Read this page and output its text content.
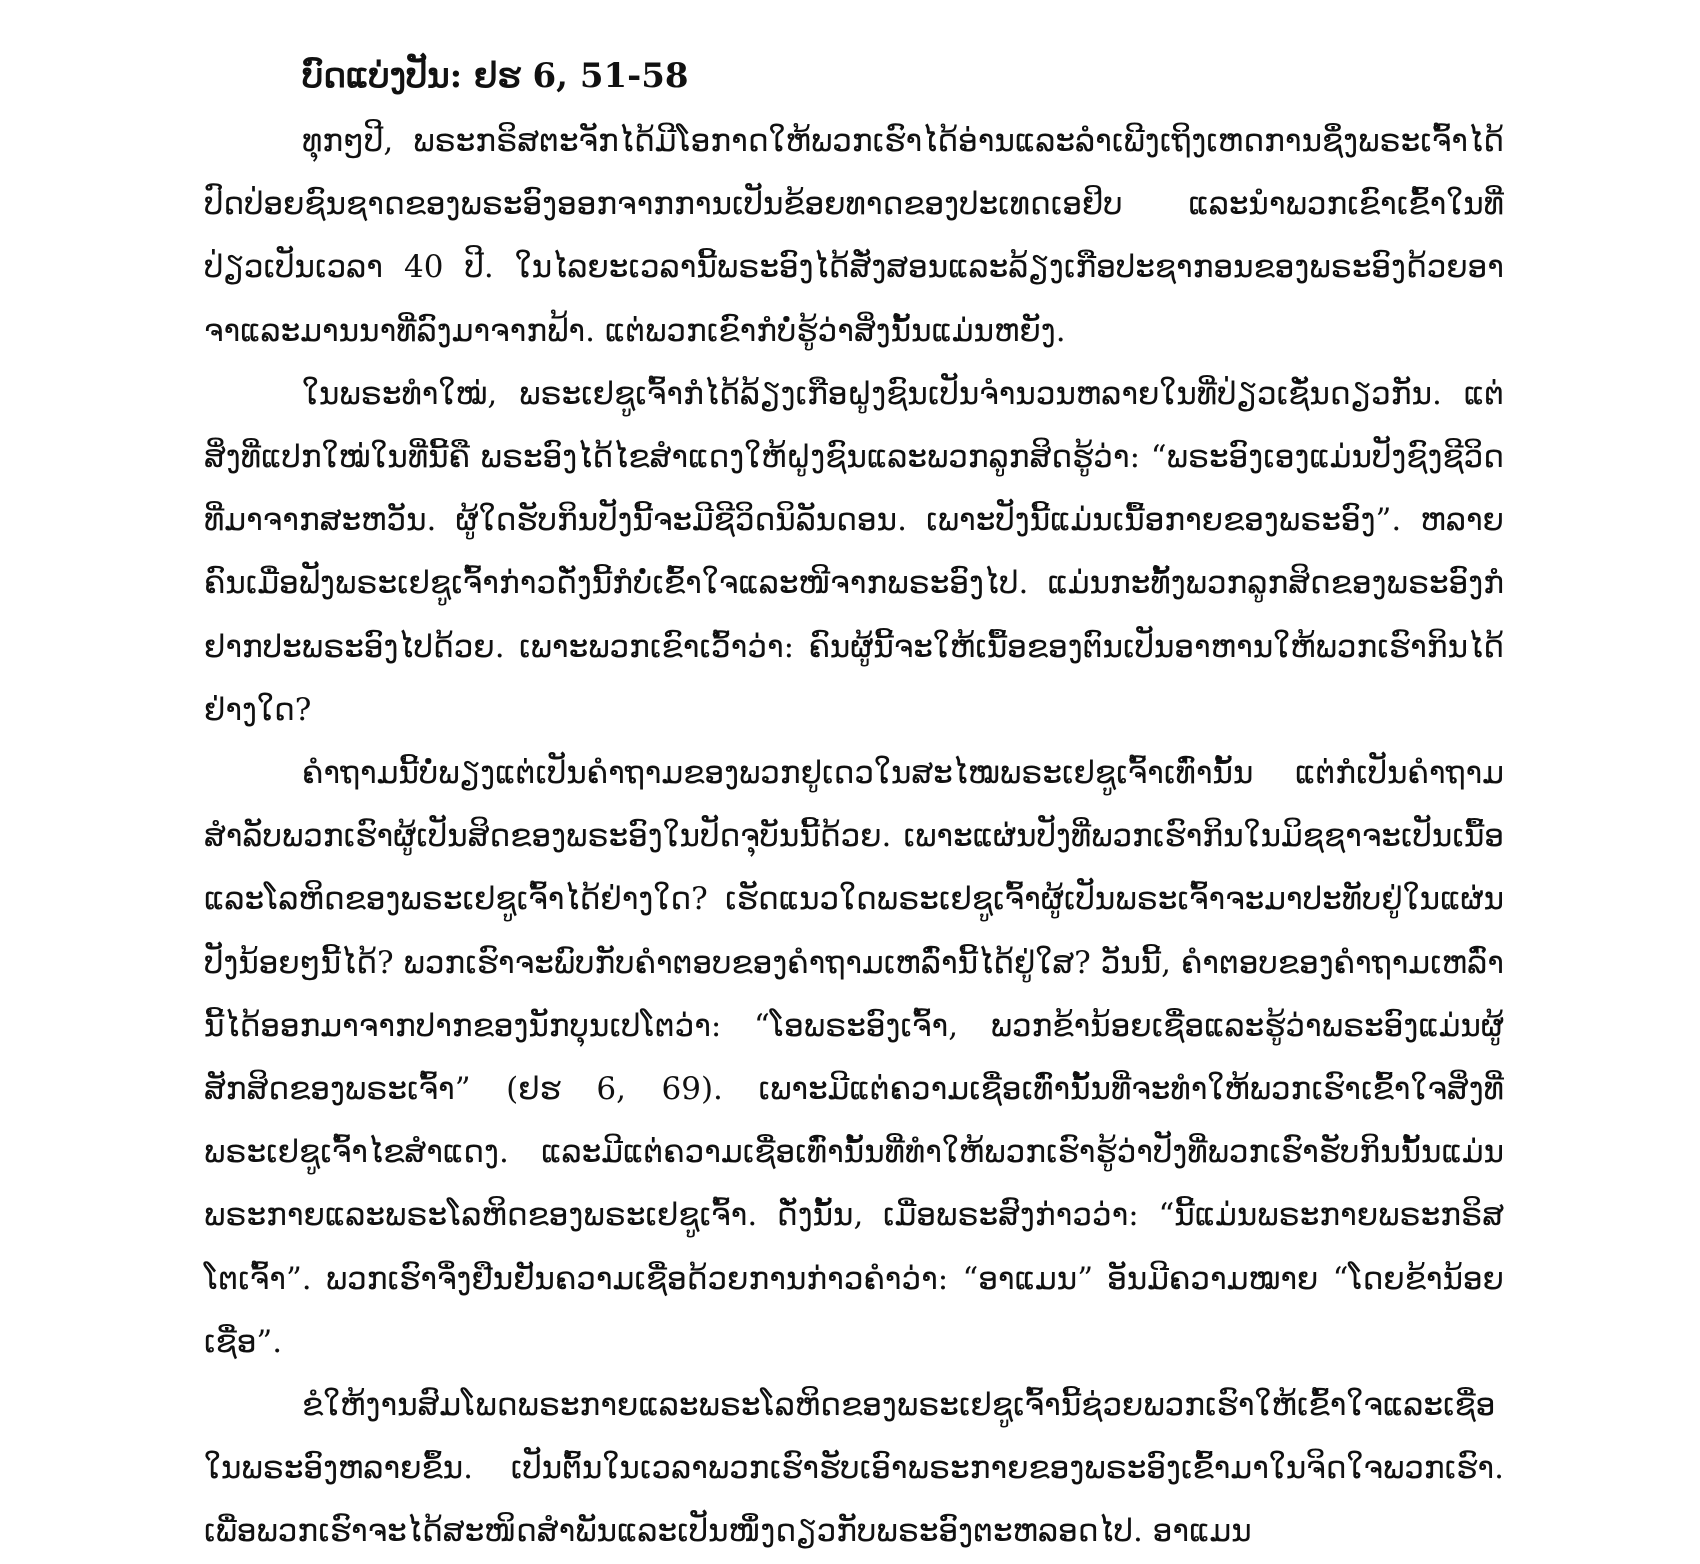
ບົດແບ່ງປັນ: ຢຮ 6, 51-58

ທຸກໆປີ, ພຣະກຣິສຕະຈັກໄດ້ມີໂອກາດໃຫ້ພວກເຮົາໄດ້ອ່ານແລະລໍາເພີງເຖິງເຫດການຊຶ່ງພຣະເຈົ້າໄດ້ປົດປ່ອຍຊົນຊາດຂອງພຣະອົງອອກຈາກການເປັນຂ້ອຍທາດຂອງປະເທດເອຢິບ ແລະນໍາພວກເຂົາເຂົ້າໃນທີ່ປ່ຽວເປັນເວລາ 40 ປີ. ໃນໄລຍະເວລານີ້ພຣະອົງໄດ້ສັ່ງສອນແລະລ້ຽງເກືອປະຊາກອນຂອງພຣະອົງດ້ວຍອາຈາແລະມານນາທີ່ລົງມາຈາກຟ້າ. ແຕ່ພວກເຂົາກໍບໍ່ຮູ້ວ່າສິ່ງນັ້ນແມ່ນຫຍັງ.

ໃນພຣະທໍາໃໝ່, ພຣະເຢຊູເຈົ້າກໍໄດ້ລ້ຽງເກືອຝູງຊົນເປັນຈໍານວນຫລາຍໃນທີ່ປ່ຽວເຊັ່ນດຽວກັນ. ແຕ່ສິ່ງທີ່ແປກໃໝ່ໃນທີ່ນີ້ຄື ພຣະອົງໄດ້ໄຂສໍາແດງໃຫ້ຝູງຊົນແລະພວກລູກສິດຮູ້ວ່າ: “ພຣະອົງເອງແມ່ນປັງຊົງຊີວິດທີ່ມາຈາກສະຫວັນ. ຜູ້ໃດຮັບກິນປັງນີ້ຈະມີຊີວິດນິລັນດອນ. ເພາະປັງນີ້ແມ່ນເນື້ອກາຍຂອງພຣະອົງ”. ຫລາຍຄົນເມື່ອຟັງພຣະເຢຊູເຈົ້າກ່າວດັ່ງນີ້ກໍບໍ່ເຂົ້າໃຈແລະໜີຈາກພຣະອົງໄປ. ແມ່ນກະທັ້ງພວກລູກສິດຂອງພຣະອົງກໍຢາກປະພຣະອົງໄປດ້ວຍ. ເພາະພວກເຂົາເວົ້າວ່າ: ຄົນຜູ້ນີ້ຈະໃຫ້ເນື້ອຂອງຕົນເປັນອາຫານໃຫ້ພວກເຮົາກິນໄດ້ຢ່າງໃດ?

ຄໍາຖາມນີ້ບໍ່ພຽງແຕ່ເປັນຄໍາຖາມຂອງພວກຢູເດວໃນສະໄໝພຣະເຢຊູເຈົ້າເທົ່ານັ້ນ ແຕ່ກໍເປັນຄໍາຖາມສໍາລັບພວກເຮົາຜູ້ເປັນສິດຂອງພຣະອົງໃນປັດຈຸບັນນີ້ດ້ວຍ. ເພາະແຜ່ນປັງທີ່ພວກເຮົາກິນໃນມິຊຊາຈະເປັນເນື້ອແລະໂລຫິດຂອງພຣະເຢຊູເຈົ້າໄດ້ຢ່າງໃດ? ເຮັດແນວໃດພຣະເຢຊູເຈົ້າຜູ້ເປັນພຣະເຈົ້າຈະມາປະທັບຢູ່ໃນແຜ່ນປັງນ້ອຍໆນີ້ໄດ້? ພວກເຮົາຈະພົບກັບຄໍາຕອບຂອງຄໍາຖາມເຫລົ່ານີ້ໄດ້ຢູ່ໃສ? ວັນນີ້, ຄໍາຕອບຂອງຄໍາຖາມເຫລົ່ານີ້ໄດ້ອອກມາຈາກປາກຂອງນັກບຸນເປໂຕວ່າ: “ໂອພຣະອົງເຈົ້າ, ພວກຂ້ານ້ອຍເຊື່ອແລະຮູ້ວ່າພຣະອົງແມ່ນຜູ້ສັກສິດຂອງພຣະເຈົ້າ” (ຢຮ 6, 69). ເພາະມີແຕ່ຄວາມເຊື່ອເທົ່ານັ້ນທີ່ຈະທໍາໃຫ້ພວກເຮົາເຂົ້າໃຈສິ່ງທີ່ພຣະເຢຊູເຈົ້າໄຂສໍາແດງ. ແລະມີແຕ່ຄວາມເຊື່ອເທົ່ານັ້ນທີ່ທໍາໃຫ້ພວກເຮົາຮູ້ວ່າປັງທີ່ພວກເຮົາຮັບກິນນັ້ນແມ່ນພຣະກາຍແລະພຣະໂລຫິດຂອງພຣະເຢຊູເຈົ້າ. ດັ່ງນັ້ນ, ເມື່ອພຣະສົງກ່າວວ່າ: “ນີ້ແມ່ນພຣະກາຍພຣະກຣິສໂຕເຈົ້າ”. ພວກເຮົາຈຶ່ງຢືນຢັນຄວາມເຊື່ອດ້ວຍການກ່າວຄໍາວ່າ: “ອາແມນ” ອັນມີຄວາມໝາຍ “ໂດຍຂ້ານ້ອຍເຊື່ອ”.

ຂໍໃຫ້ງານສົມໂພດພຣະກາຍແລະພຣະໂລຫິດຂອງພຣະເຢຊູເຈົ້ານີ້ຊ່ວຍພວກເຮົາໃຫ້ເຂົ້າໃຈແລະເຊື່ອໃນພຣະອົງຫລາຍຂຶ້ນ. ເປັນຕົ້ນໃນເວລາພວກເຮົາຮັບເອົາພຣະກາຍຂອງພຣະອົງເຂົ້າມາໃນຈິດໃຈພວກເຮົາ. ເພື່ອພວກເຮົາຈະໄດ້ສະໜິດສໍາພັນແລະເປັນໜຶ່ງດຽວກັບພຣະອົງຕະຫລອດໄປ. ອາແມນ
